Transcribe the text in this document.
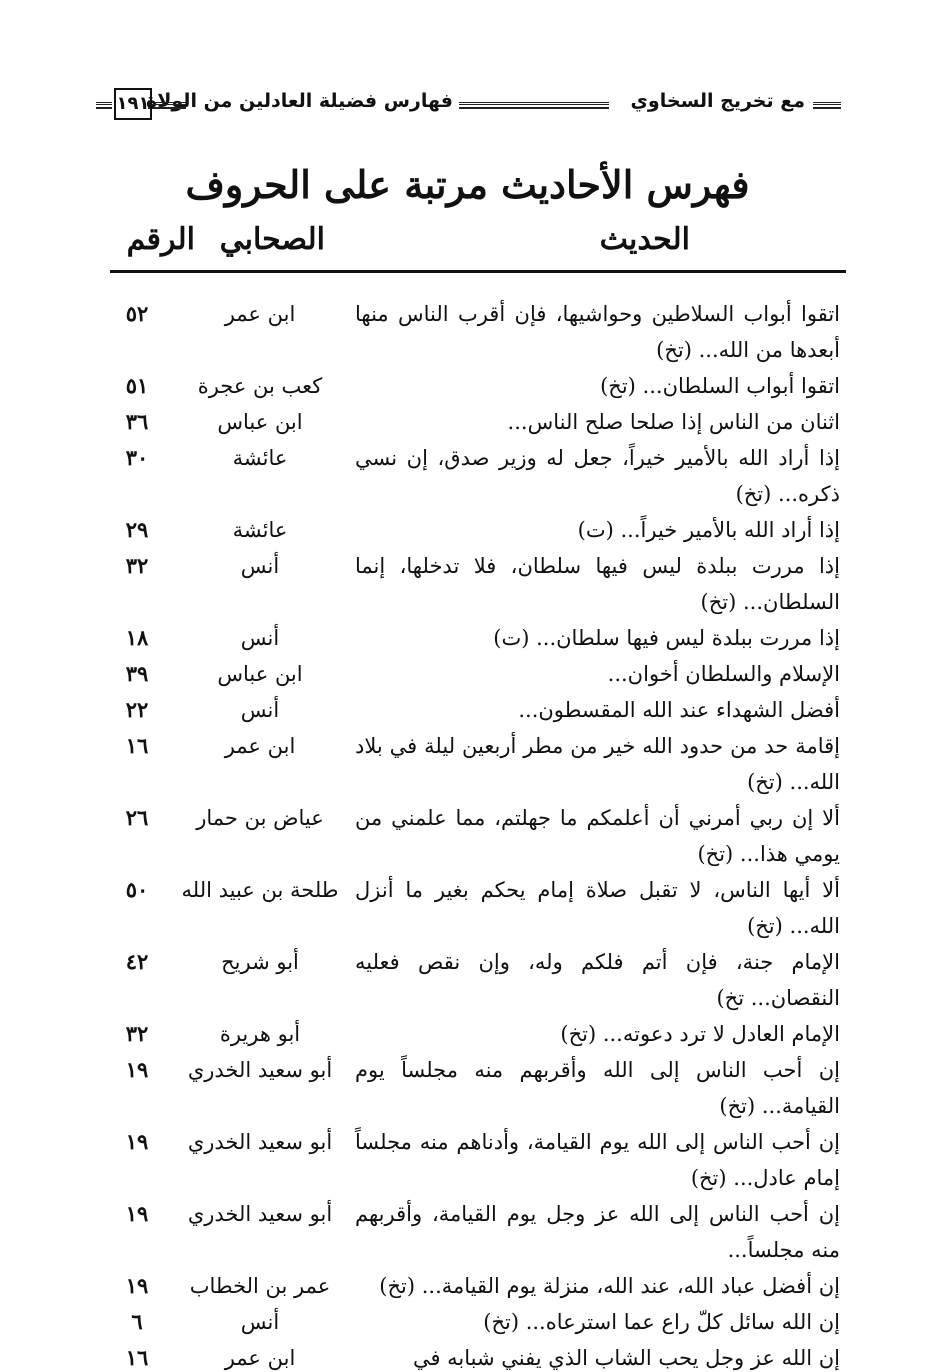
مع تخريج السخاوي
فهارس فضيلة العادلين من الولاة
١٩١
فهرس الأحاديث مرتبة على الحروف
الحديث
الصحابي
الرقم
اتقوا أبواب السلاطين وحواشيها، فإن أقرب الناس منها أبعدها من الله... (تخ)
ابن عمر
٥٢
اتقوا أبواب السلطان... (تخ)
كعب بن عجرة
٥١
اثنان من الناس إذا صلحا صلح الناس...
ابن عباس
٣٦
إذا أراد الله بالأمير خيراً، جعل له وزير صدق، إن نسي ذكره... (تخ)
عائشة
٣٠
إذا أراد الله بالأمير خيراً... (ت)
عائشة
٢٩
إذا مررت ببلدة ليس فيها سلطان، فلا تدخلها، إنما السلطان... (تخ)
أنس
٣٢
إذا مررت ببلدة ليس فيها سلطان... (ت)
أنس
١٨
الإسلام والسلطان أخوان...
ابن عباس
٣٩
أفضل الشهداء عند الله المقسطون...
أنس
٢٢
إقامة حد من حدود الله خير من مطر أربعين ليلة في بلاد الله... (تخ)
ابن عمر
١٦
ألا إن ربي أمرني أن أعلمكم ما جهلتم، مما علمني من يومي هذا... (تخ)
عياض بن حمار
٢٦
ألا أيها الناس، لا تقبل صلاة إمام يحكم بغير ما أنزل الله... (تخ)
طلحة بن عبيد الله
٥٠
الإمام جنة، فإن أتم فلكم وله، وإن نقص فعليه النقصان... تخ)
أبو شريح
٤٢
الإمام العادل لا ترد دعوته... (تخ)
أبو هريرة
٣٢
إن أحب الناس إلى الله وأقربهم منه مجلساً يوم القيامة... (تخ)
أبو سعيد الخدري
١٩
إن أحب الناس إلى الله يوم القيامة، وأدناهم منه مجلساً إمام عادل... (تخ)
أبو سعيد الخدري
١٩
إن أحب الناس إلى الله عز وجل يوم القيامة، وأقربهم منه مجلساً...
أبو سعيد الخدري
١٩
إن أفضل عباد الله، عند الله، منزلة يوم القيامة... (تخ)
عمر بن الخطاب
١٩
إن الله سائل كلّ راع عما استرعاه... (تخ)
أنس
٦
إن الله عز وجل يحب الشاب الذي يفني شبابه في
ابن عمر
١٦
